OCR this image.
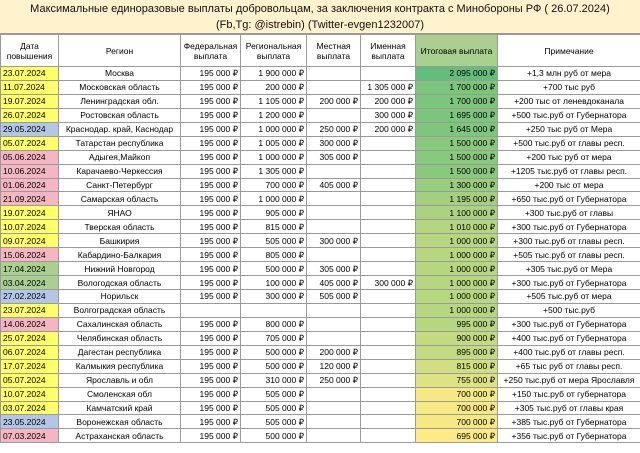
Максимальные единоразовые выплаты добровольцам, за заключения контракта с Минобороны РФ ( 26.07.2024)
(Fb,Tg: @istrebin) (Twitter-evgen1232007)
Дата повышения	Регион	Федеральная выплата	Региональная выплата	Местная выплата	Именная выплата	Итоговая выплата	Примечание
23.07.2024	Москва	195 000 ₽	1 900 000 ₽			2 095 000 ₽	+1,3 млн руб от мера
11.07.2024	Московская область	195 000 ₽	200 000 ₽		1 305 000 ₽	1 700 000 ₽	+700 тыс руб
19.07.2024	Ленинградская обл.	195 000 ₽	1 105 000 ₽	200 000 ₽	200 000 ₽	1 700 000 ₽	+200 тыс от леневдоканала
26.07.2024	Ростовская область	195 000 ₽	1 200 000 ₽		300 000 ₽	1 695 000 ₽	+500 тыс.руб от Губернатора
29.05.2024	Краснодар. край, Каснодар	195 000 ₽	1 000 000 ₽	250 000 ₽	200 000 ₽	1 645 000 ₽	+250 тыс руб от Мера
05.07.2024	Татарстан республика	195 000 ₽	1 005 000 ₽	300 000 ₽		1 500 000 ₽	+500 тыс.руб от главы респ.
05.06.2024	Адыгея,Майкоп	195 000 ₽	1 000 000 ₽	305 000 ₽		1 500 000 ₽	+200 тыс руб от мера
10.06.2024	Карачаево-Черкессия	195 000 ₽	1 305 000 ₽			1 500 000 ₽	+1205 тыс.руб от главы респ.
01.06.2024	Санкт-Петербург	195 000 ₽	700 000 ₽	405 000 ₽		1 300 000 ₽	+200 тыс от мера
21.09.2024	Самарская область	195 000 ₽	1 000 000 ₽			1 195 000 ₽	+650 тыс.руб от Губернатора
19.07.2024	ЯНАО	195 000 ₽	905 000 ₽			1 100 000 ₽	+300 тыс.руб от главы
10.07.2024	Тверская область	195 000 ₽	815 000 ₽			1 010 000 ₽	+300 тыс.руб от Губернатора
09.07.2024	Башкирия	195 000 ₽	505 000 ₽	300 000 ₽		1 000 000 ₽	+300 тыс.руб от главы респ.
15.06.2024	Кабардино-Балкария	195 000 ₽	805 000 ₽			1 000 000 ₽	+505 тыс.руб от главы респ.
17.04.2024	Нижний Новгород	195 000 ₽	500 000 ₽	305 000 ₽		1 000 000 ₽	+305 тыс.руб от Мера
03.04.2024	Вологодская область	195 000 ₽	100 000 ₽	405 000 ₽	300 000 ₽	1 000 000 ₽	+300 тыс.руб от Губернатора
27.02.2024	Норильск	195 000 ₽	300 000 ₽	505 000 ₽		1 000 000 ₽	+505 тыс.руб от мера
23.07.2024	Волгоградская область					1 000 000 ₽	+500 тыс.руб
14.06.2024	Сахалинская область	195 000 ₽	800 000 ₽			995 000 ₽	+300 тыс.руб от Губернатора
25.07.2024	Челябинская область	195 000 ₽	705 000 ₽			900 000 ₽	+400 тыс.руб от Губернатора
06.07.2024	Дагестан республика	195 000 ₽	500 000 ₽	200 000 ₽		895 000 ₽	+400 тыс.руб от главы респ.
17.07.2024	Калмыкия республика	195 000 ₽	500 000 ₽	120 000 ₽		815 000 ₽	+65 тыс руб от главы респ.
05.07.2024	Ярославль и обл	195 000 ₽	310 000 ₽	250 000 ₽		755 000 ₽	+250 тыс.руб от мера Ярославля
10.07.2024	Смоленская обл	195 000 ₽	505 000 ₽			700 000 ₽	+150 тыс.руб от губернатора
03.07.2024	Камчатский край	195 000 ₽	505 000 ₽			700 000 ₽	+305 тыс.руб от главы края
23.05.2024	Воронежская область	195 000 ₽	505 000 ₽			700 000 ₽	+385 тыс.руб от Губернатора
07.03.2024	Астраханская область	195 000 ₽	500 000 ₽			695 000 ₽	+356 тыс.руб от Губернатора
